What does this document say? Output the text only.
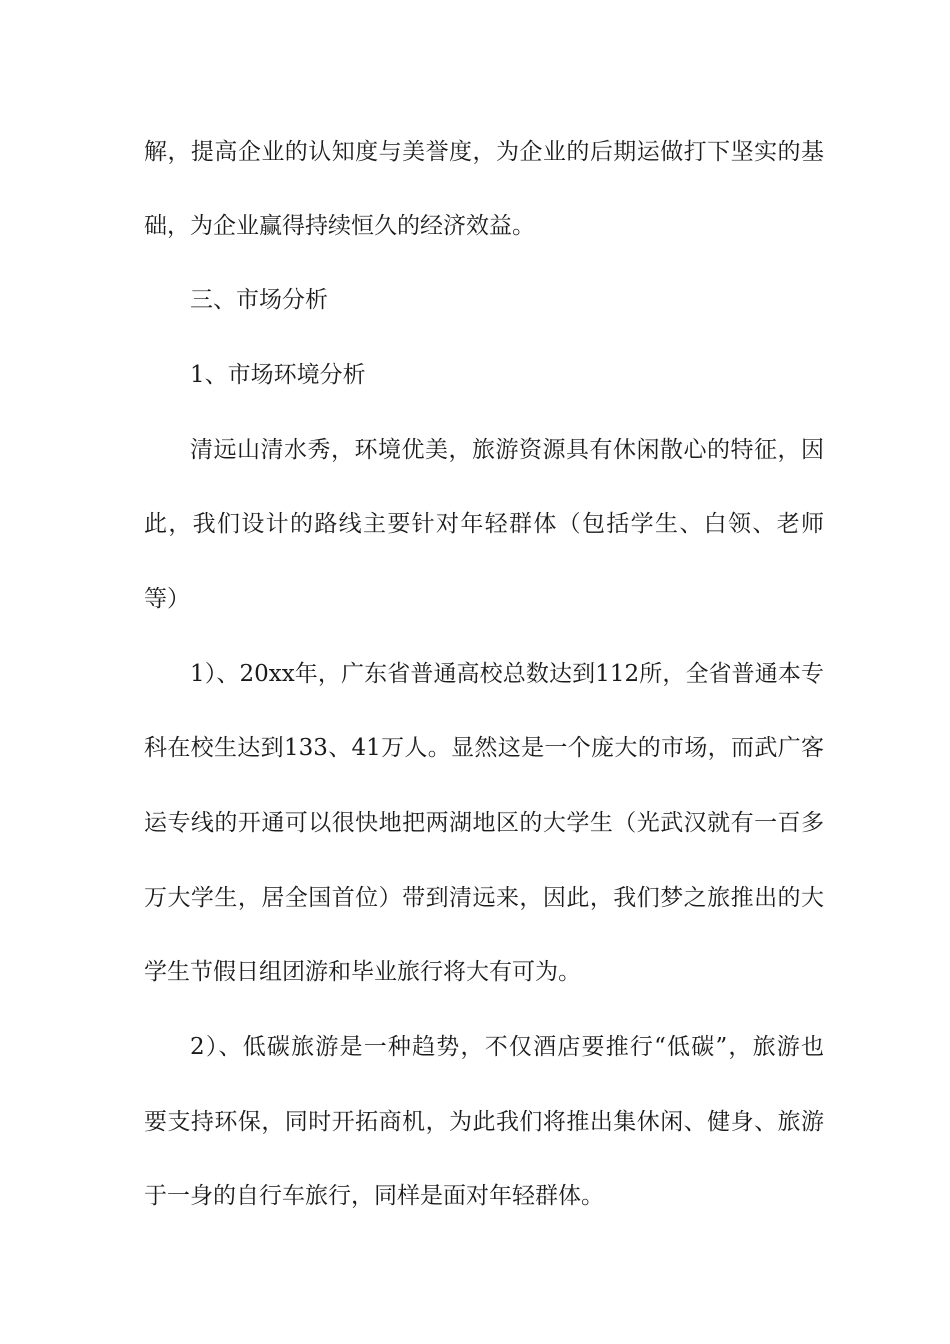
解，提高企业的认知度与美誉度，为企业的后期运做打下坚实的基
础，为企业赢得持续恒久的经济效益。
三、市场分析
1、市场环境分析
清远山清水秀，环境优美，旅游资源具有休闲散心的特征，因
此，我们设计的路线主要针对年轻群体（包括学生、白领、老师
等）
1）、20xx年，广东省普通高校总数达到112所，全省普通本专
科在校生达到133、41万人。显然这是一个庞大的市场，而武广客
运专线的开通可以很快地把两湖地区的大学生（光武汉就有一百多
万大学生，居全国首位）带到清远来，因此，我们梦之旅推出的大
学生节假日组团游和毕业旅行将大有可为。
2）、低碳旅游是一种趋势，不仅酒店要推行“低碳”，旅游也
要支持环保，同时开拓商机，为此我们将推出集休闲、健身、旅游
于一身的自行车旅行，同样是面对年轻群体。
